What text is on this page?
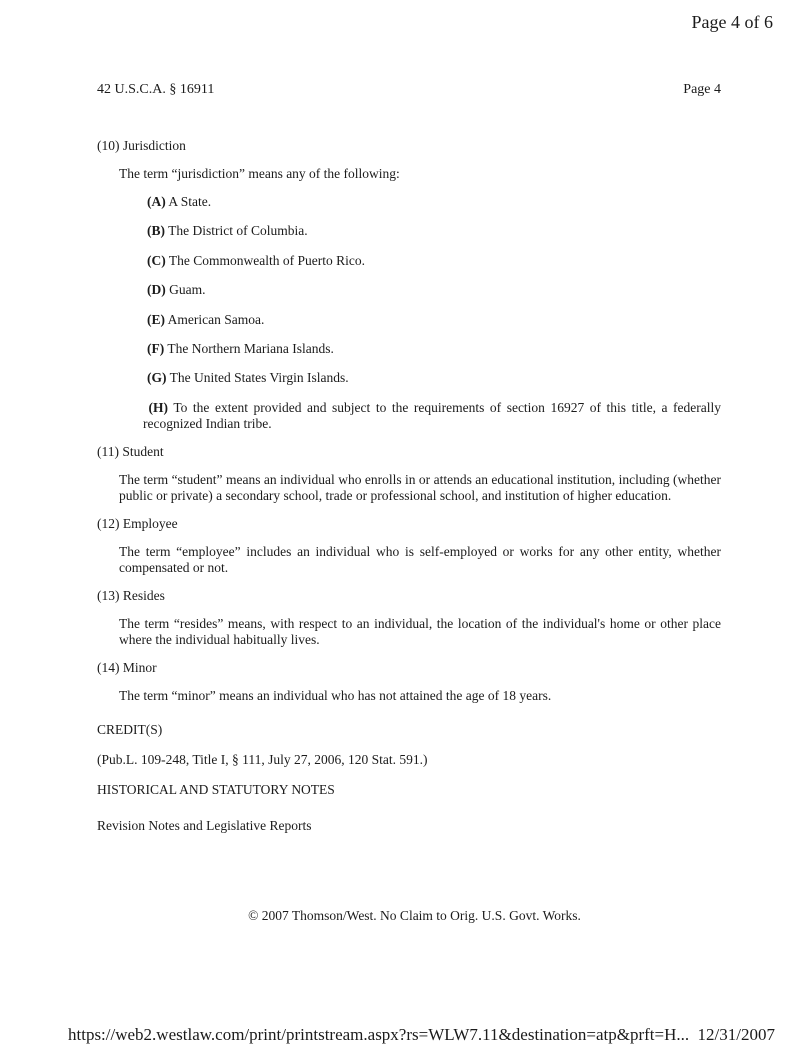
Page 4 of 6
42 U.S.C.A. § 16911	Page 4
(10) Jurisdiction
The term “jurisdiction” means any of the following:
(A) A State.
(B) The District of Columbia.
(C) The Commonwealth of Puerto Rico.
(D) Guam.
(E) American Samoa.
(F) The Northern Mariana Islands.
(G) The United States Virgin Islands.
(H) To the extent provided and subject to the requirements of section 16927 of this title, a federally recognized Indian tribe.
(11) Student
The term “student” means an individual who enrolls in or attends an educational institution, including (whether public or private) a secondary school, trade or professional school, and institution of higher education.
(12) Employee
The term “employee” includes an individual who is self-employed or works for any other entity, whether compensated or not.
(13) Resides
The term “resides” means, with respect to an individual, the location of the individual's home or other place where the individual habitually lives.
(14) Minor
The term “minor” means an individual who has not attained the age of 18 years.
CREDIT(S)
(Pub.L. 109-248, Title I, § 111, July 27, 2006, 120 Stat. 591.)
HISTORICAL AND STATUTORY NOTES
Revision Notes and Legislative Reports
© 2007 Thomson/West. No Claim to Orig. U.S. Govt. Works.
https://web2.westlaw.com/print/printstream.aspx?rs=WLW7.11&destination=atp&prft=H... 12/31/2007
